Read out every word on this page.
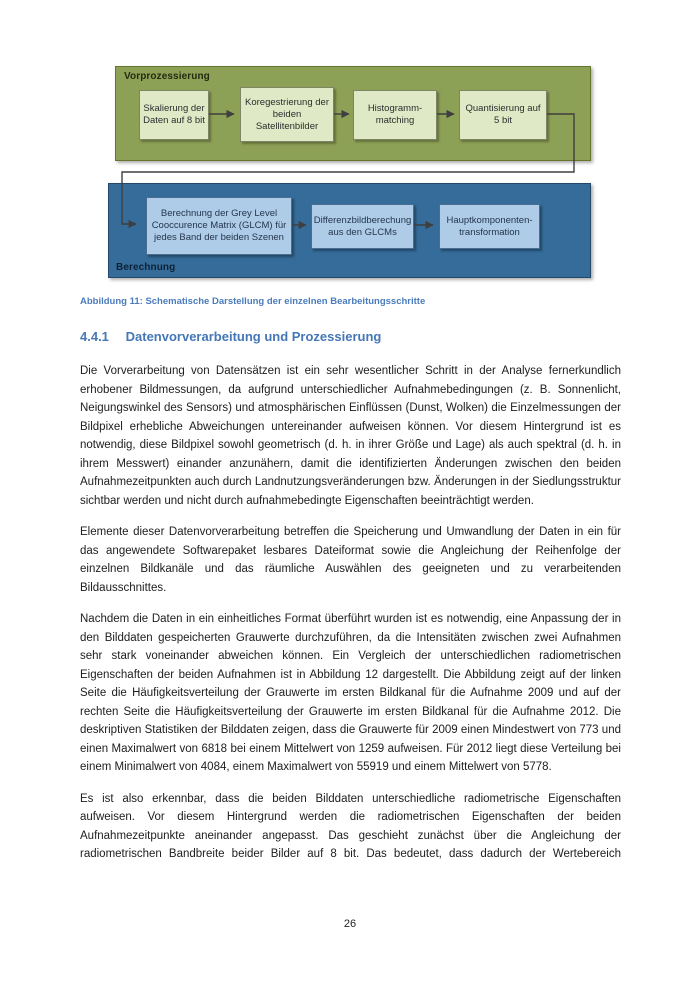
Vorprozessierung
Skalierung der Daten auf 8 bit
Koregestrierung der beiden Satellitenbilder
Histogramm-matching
Quantisierung auf 5 bit
Berechnung
Berechnung der Grey Level Cooccurence Matrix (GLCM) für jedes Band der beiden Szenen
Differenzbildberechung aus den GLCMs
Hauptkomponenten- transformation
Abbildung 11: Schematische Darstellung der einzelnen Bearbeitungsschritte
4.4.1 Datenvorverarbeitung und Prozessierung

Die Vorverarbeitung von Datensätzen ist ein sehr wesentlicher Schritt in der Analyse fernerkundlich erhobener Bildmessungen, da aufgrund unterschiedlicher Aufnahmebedingungen (z. B. Sonnenlicht, Neigungswinkel des Sensors) und atmosphärischen Einflüssen (Dunst, Wolken) die Einzelmessungen der Bildpixel erhebliche Abweichungen untereinander aufweisen können. Vor diesem Hintergrund ist es notwendig, diese Bildpixel sowohl geometrisch (d. h. in ihrer Größe und Lage) als auch spektral (d. h. in ihrem Messwert) einander anzunähern, damit die identifizierten Änderungen zwischen den beiden Aufnahmezeitpunkten auch durch Landnutzungsveränderungen bzw. Änderungen in der Siedlungsstruktur sichtbar werden und nicht durch aufnahmebedingte Eigenschaften beeinträchtigt werden.

Elemente dieser Datenvorverarbeitung betreffen die Speicherung und Umwandlung der Daten in ein für das angewendete Softwarepaket lesbares Dateiformat sowie die Angleichung der Reihenfolge der einzelnen Bildkanäle und das räumliche Auswählen des geeigneten und zu verarbeitenden Bildausschnittes.

Nachdem die Daten in ein einheitliches Format überführt wurden ist es notwendig, eine Anpassung der in den Bilddaten gespeicherten Grauwerte durchzuführen, da die Intensitäten zwischen zwei Aufnahmen sehr stark voneinander abweichen können. Ein Vergleich der unterschiedlichen radiometrischen Eigenschaften der beiden Aufnahmen ist in Abbildung 12 dargestellt. Die Abbildung zeigt auf der linken Seite die Häufigkeitsverteilung der Grauwerte im ersten Bildkanal für die Aufnahme 2009 und auf der rechten Seite die Häufigkeitsverteilung der Grauwerte im ersten Bildkanal für die Aufnahme 2012. Die deskriptiven Statistiken der Bilddaten zeigen, dass die Grauwerte für 2009 einen Mindestwert von 773 und einen Maximalwert von 6818 bei einem Mittelwert von 1259 aufweisen. Für 2012 liegt diese Verteilung bei einem Minimalwert von 4084, einem Maximalwert von 55919 und einem Mittelwert von 5778.

Es ist also erkennbar, dass die beiden Bilddaten unterschiedliche radiometrische Eigenschaften aufweisen. Vor diesem Hintergrund werden die radiometrischen Eigenschaften der beiden Aufnahmezeitpunkte aneinander angepasst. Das geschieht zunächst über die Angleichung der radiometrischen Bandbreite beider Bilder auf 8 bit. Das bedeutet, dass dadurch der Wertebereich

26
